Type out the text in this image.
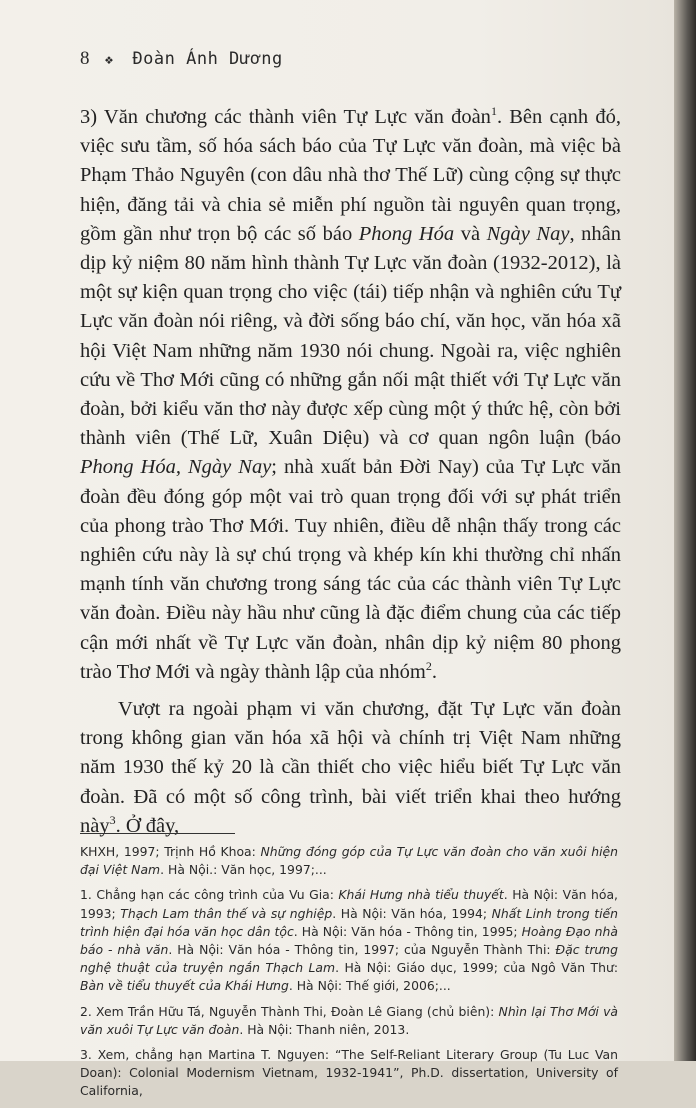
8 ❖ Đoàn Ánh Dương

3) Văn chương các thành viên Tự Lực văn đoàn$^1$. Bên cạnh đó, việc sưu tầm, số hóa sách báo của Tự Lực văn đoàn, mà việc bà Phạm Thảo Nguyên (con dâu nhà thơ Thế Lữ) cùng cộng sự thực hiện, đăng tải và chia sẻ miễn phí nguồn tài nguyên quan trọng, gồm gần như trọn bộ các số báo Phong Hóa và Ngày Nay, nhân dịp kỷ niệm 80 năm hình thành Tự Lực văn đoàn (1932-2012), là một sự kiện quan trọng cho việc (tái) tiếp nhận và nghiên cứu Tự Lực văn đoàn nói riêng, và đời sống báo chí, văn học, văn hóa xã hội Việt Nam những năm 1930 nói chung. Ngoài ra, việc nghiên cứu về Thơ Mới cũng có những gắn nối mật thiết với Tự Lực văn đoàn, bởi kiểu văn thơ này được xếp cùng một ý thức hệ, còn bởi thành viên (Thế Lữ, Xuân Diệu) và cơ quan ngôn luận (báo Phong Hóa, Ngày Nay; nhà xuất bản Đời Nay) của Tự Lực văn đoàn đều đóng góp một vai trò quan trọng đối với sự phát triển của phong trào Thơ Mới. Tuy nhiên, điều dễ nhận thấy trong các nghiên cứu này là sự chú trọng và khép kín khi thường chỉ nhấn mạnh tính văn chương trong sáng tác của các thành viên Tự Lực văn đoàn. Điều này hầu như cũng là đặc điểm chung của các tiếp cận mới nhất về Tự Lực văn đoàn, nhân dịp kỷ niệm 80 phong trào Thơ Mới và ngày thành lập của nhóm$^2$.

Vượt ra ngoài phạm vi văn chương, đặt Tự Lực văn đoàn trong không gian văn hóa xã hội và chính trị Việt Nam những năm 1930 thế kỷ 20 là cần thiết cho việc hiểu biết Tự Lực văn đoàn. Đã có một số công trình, bài viết triển khai theo hướng này$^3$. Ở đây,

KHXH, 1997; Trịnh Hồ Khoa: Những đóng góp của Tự Lực văn đoàn cho văn xuôi hiện đại Việt Nam. Hà Nội.: Văn học, 1997;...

1. Chẳng hạn các công trình của Vu Gia: Khái Hưng nhà tiểu thuyết. Hà Nội: Văn hóa, 1993; Thạch Lam thân thế và sự nghiệp. Hà Nội: Văn hóa, 1994; Nhất Linh trong tiến trình hiện đại hóa văn học dân tộc. Hà Nội: Văn hóa - Thông tin, 1995; Hoàng Đạo nhà báo - nhà văn. Hà Nội: Văn hóa - Thông tin, 1997; của Nguyễn Thành Thi: Đặc trưng nghệ thuật của truyện ngắn Thạch Lam. Hà Nội: Giáo dục, 1999; của Ngô Văn Thư: Bàn về tiểu thuyết của Khái Hưng. Hà Nội: Thế giới, 2006;...

2. Xem Trần Hữu Tá, Nguyễn Thành Thi, Đoàn Lê Giang (chủ biên): Nhìn lại Thơ Mới và văn xuôi Tự Lực văn đoàn. Hà Nội: Thanh niên, 2013.

3. Xem, chẳng hạn Martina T. Nguyen: “The Self-Reliant Literary Group (Tu Luc Van Doan): Colonial Modernism Vietnam, 1932-1941”, Ph.D. dissertation, University of California,
